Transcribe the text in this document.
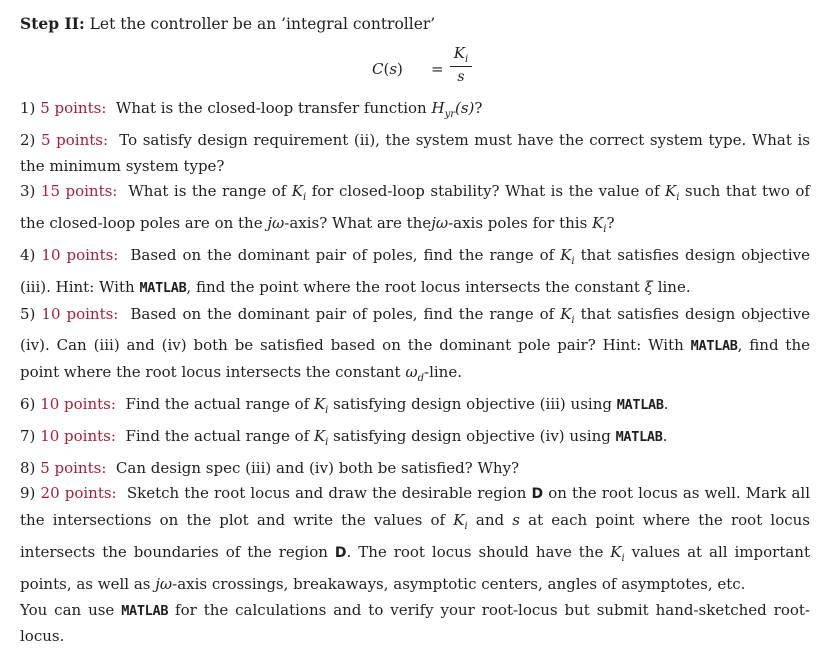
Step II: Let the controller be an ’integral controller’
C(s) =
$K_i$
s
1) 5 points: What is the closed-loop transfer function $H_{yr}(s)$?
2) 5 points: To satisfy design requirement (ii), the system must have the correct system type. What is the minimum system type?
3) 15 points: What is the range of $K_i$ for closed-loop stability? What is the value of $K_i$ such that two of the closed-loop poles are on the jω-axis? What are thejω-axis poles for this $K_i$?
4) 10 points: Based on the dominant pair of poles, find the range of $K_i$ that satisfies design objective (iii). Hint: With MATLAB, find the point where the root locus intersects the constant ξ line.
5) 10 points: Based on the dominant pair of poles, find the range of $K_i$ that satisfies design objective (iv). Can (iii) and (iv) both be satisfied based on the dominant pole pair? Hint: With MATLAB, find the point where the root locus intersects the constant $\omega_d$-line.
6) 10 points: Find the actual range of $K_i$ satisfying design objective (iii) using MATLAB.
7) 10 points: Find the actual range of $K_i$ satisfying design objective (iv) using MATLAB.
8) 5 points: Can design spec (iii) and (iv) both be satisfied? Why?
9) 20 points: Sketch the root locus and draw the desirable region D on the root locus as well. Mark all the intersections on the plot and write the values of $K_i$ and s at each point where the root locus intersects the boundaries of the region D. The root locus should have the $K_i$ values at all important points, as well as jω-axis crossings, breakaways, asymptotic centers, angles of asymptotes, etc.
You can use MATLAB for the calculations and to verify your root-locus but submit hand-sketched root-locus.
